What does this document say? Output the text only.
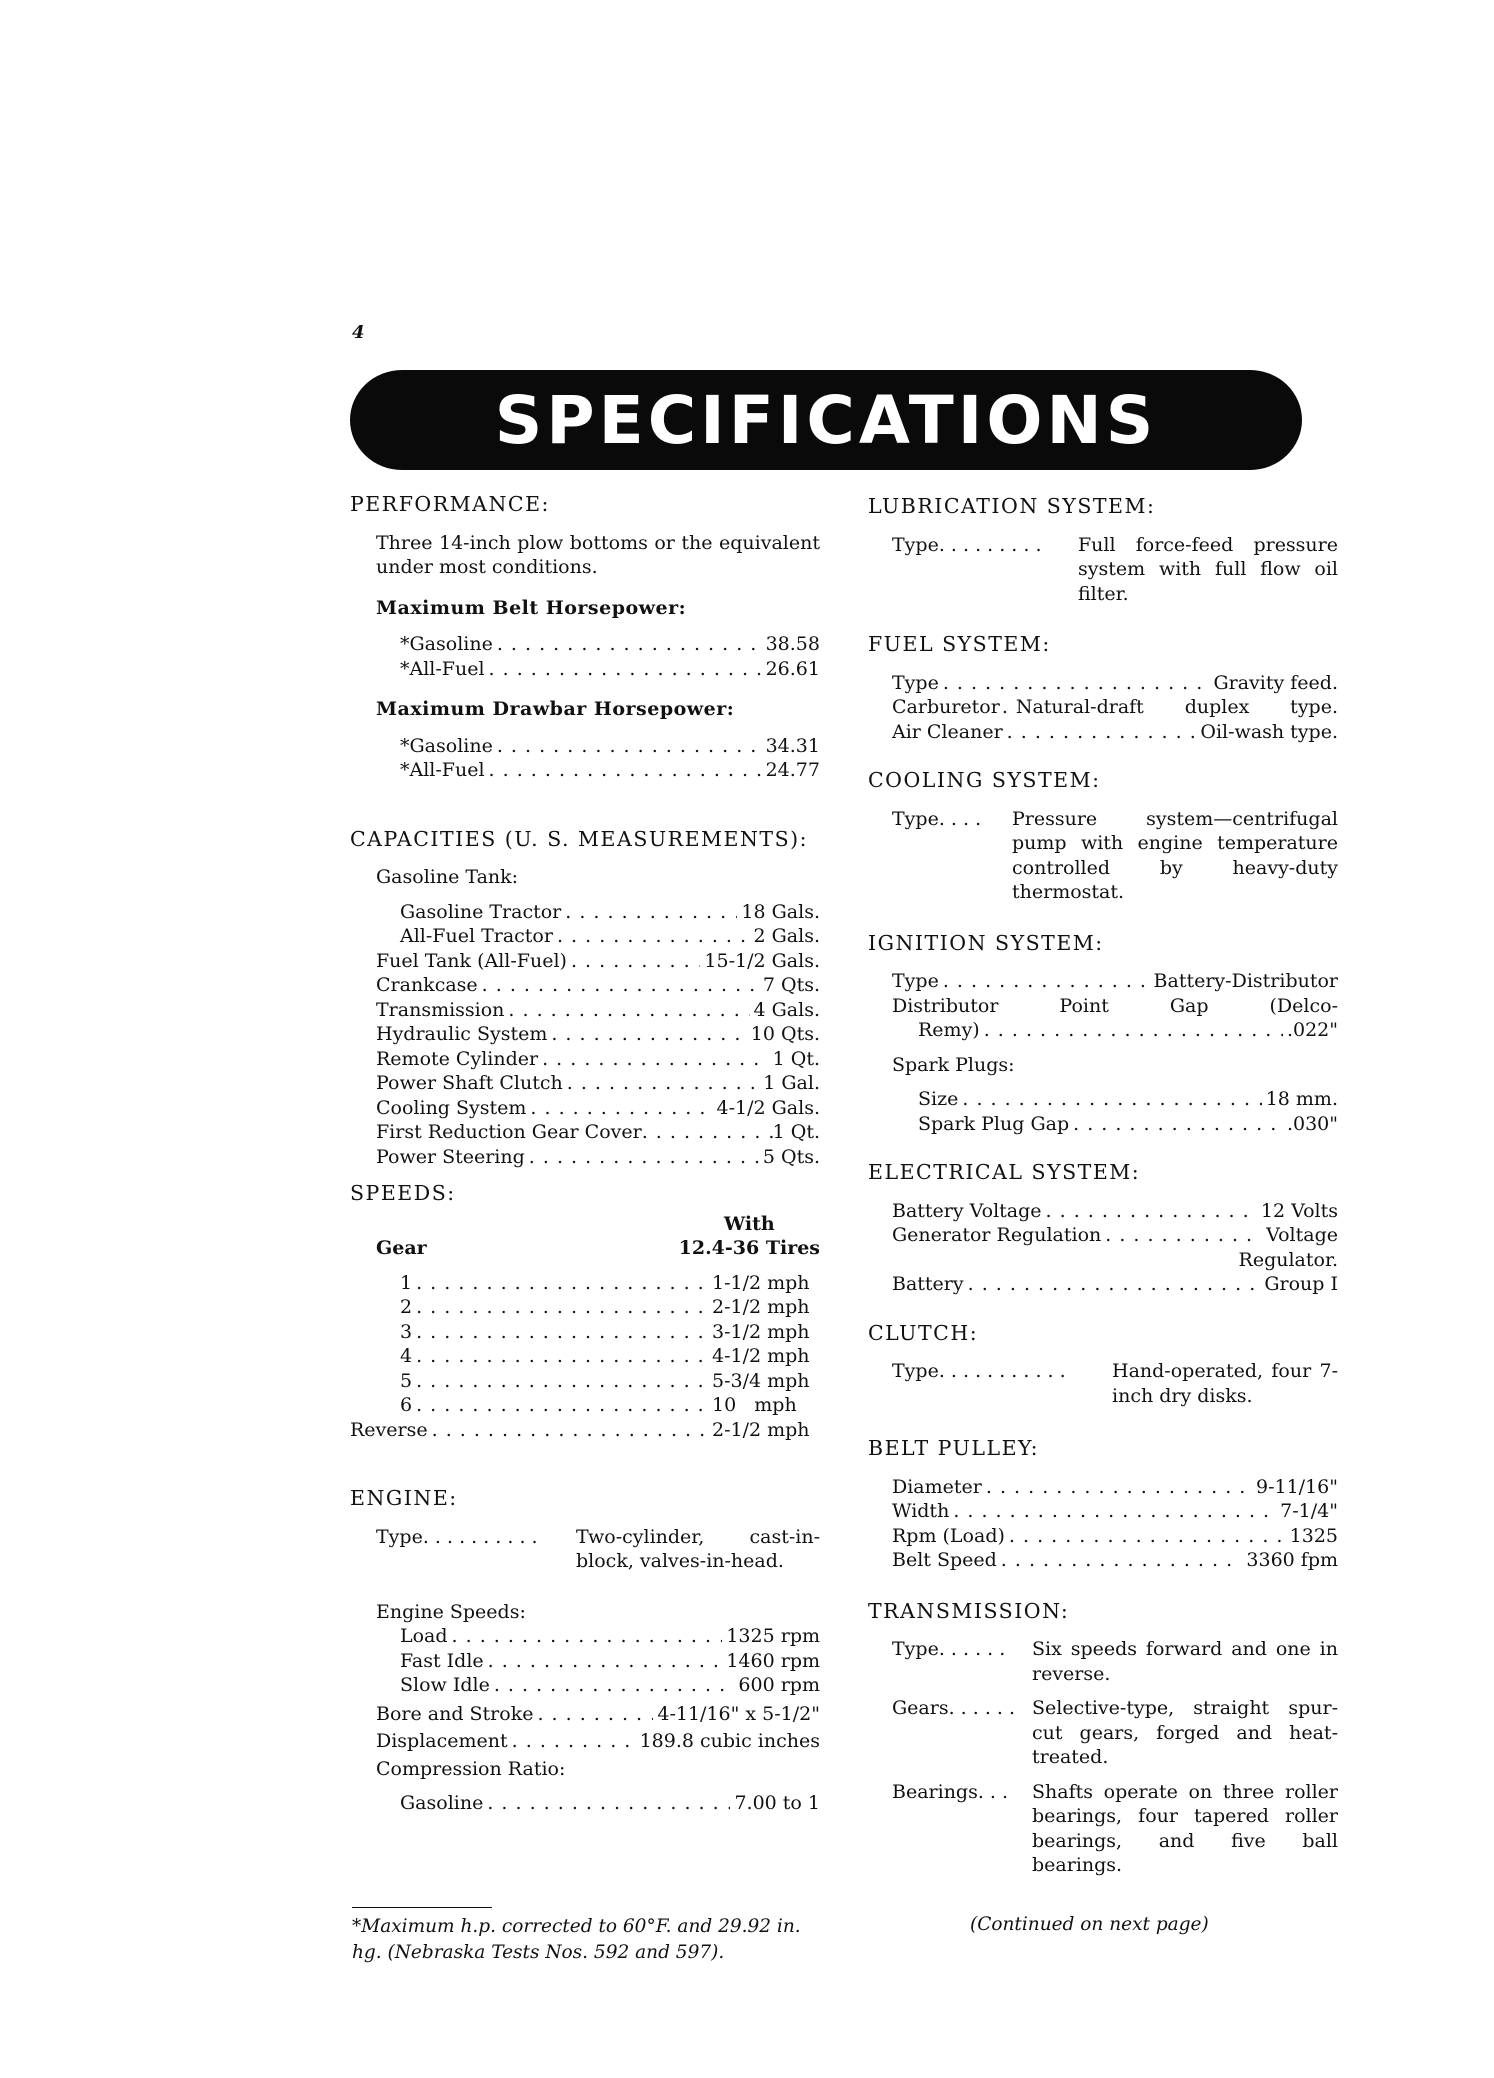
4
SPECIFICATIONS
PERFORMANCE:
Three 14-inch plow bottoms or the equivalent under most conditions.
Maximum Belt Horsepower:
*Gasoline . . .	38.58
*All-Fuel . . .	26.61
Maximum Drawbar Horsepower:
*Gasoline . . .	34.31
*All-Fuel . . .	24.77
CAPACITIES (U. S. MEASUREMENTS):
Gasoline Tank:
Gasoline Tractor . . .	18 Gals.
All-Fuel Tractor . . .	2 Gals.
Fuel Tank (All-Fuel) . . .	15-1/2 Gals.
Crankcase . . .	7 Qts.
Transmission . . .	4 Gals.
Hydraulic System . . .	10 Qts.
Remote Cylinder . . .	1 Qt.
Power Shaft Clutch . . .	1 Gal.
Cooling System . . .	4-1/2 Gals.
First Reduction Gear Cover . . .	1 Qt.
Power Steering . . .	5 Qts.
SPEEDS:
Gear
With
12.4-36 Tires
1 . . .	1-1/2 mph
2 . . .	2-1/2 mph
3 . . .	3-1/2 mph
4 . . .	4-1/2 mph
5 . . .	5-3/4 mph
6 . . .	10   mph
Reverse . . .	2-1/2 mph
ENGINE:
Type . . . . . . . . . . Two-cylinder, cast-in-block, valves-in-head.
Engine Speeds:
Load . . .	1325 rpm
Fast Idle . . .	1460 rpm
Slow Idle . . .	600 rpm
Bore and Stroke . . .	4-11/16" x 5-1/2"
Displacement . . .	189.8 cubic inches
Compression Ratio:
Gasoline . . .	7.00 to 1
LUBRICATION SYSTEM:
Type . . . . . . . . . Full force-feed pressure system with full flow oil filter.
FUEL SYSTEM:
Type . . .	Gravity feed.
Carburetor . . . Natural-draft duplex type.
Air Cleaner . . .	Oil-wash type.
COOLING SYSTEM:
Type . . . . Pressure system—centrifugal pump with engine temperature controlled by heavy-duty thermostat.
IGNITION SYSTEM:
Type . . .	Battery-Distributor
Distributor Point Gap (Delco-
Remy) . . .	.022"
Spark Plugs:
Size . . .	18 mm.
Spark Plug Gap . . .	.030"
ELECTRICAL SYSTEM:
Battery Voltage . . .	12 Volts
Generator Regulation . . .	Voltage
Regulator.
Battery . . .	Group I
CLUTCH:
Type . . . . . . . . . . . Hand-operated, four 7-inch dry disks.
BELT PULLEY:
Diameter . . .	9-11/16"
Width . . .	7-1/4"
Rpm (Load) . . .	1325
Belt Speed . . .	3360 fpm
TRANSMISSION:
Type . . . . . . Six speeds forward and one in reverse.
Gears . . . . . . Selective-type, straight spur-cut gears, forged and heat-treated.
Bearings . . . Shafts operate on three roller bearings, four tapered roller bearings, and five ball bearings.
*Maximum h.p. corrected to 60°F. and 29.92 in. hg. (Nebraska Tests Nos. 592 and 597).
(Continued on next page)
